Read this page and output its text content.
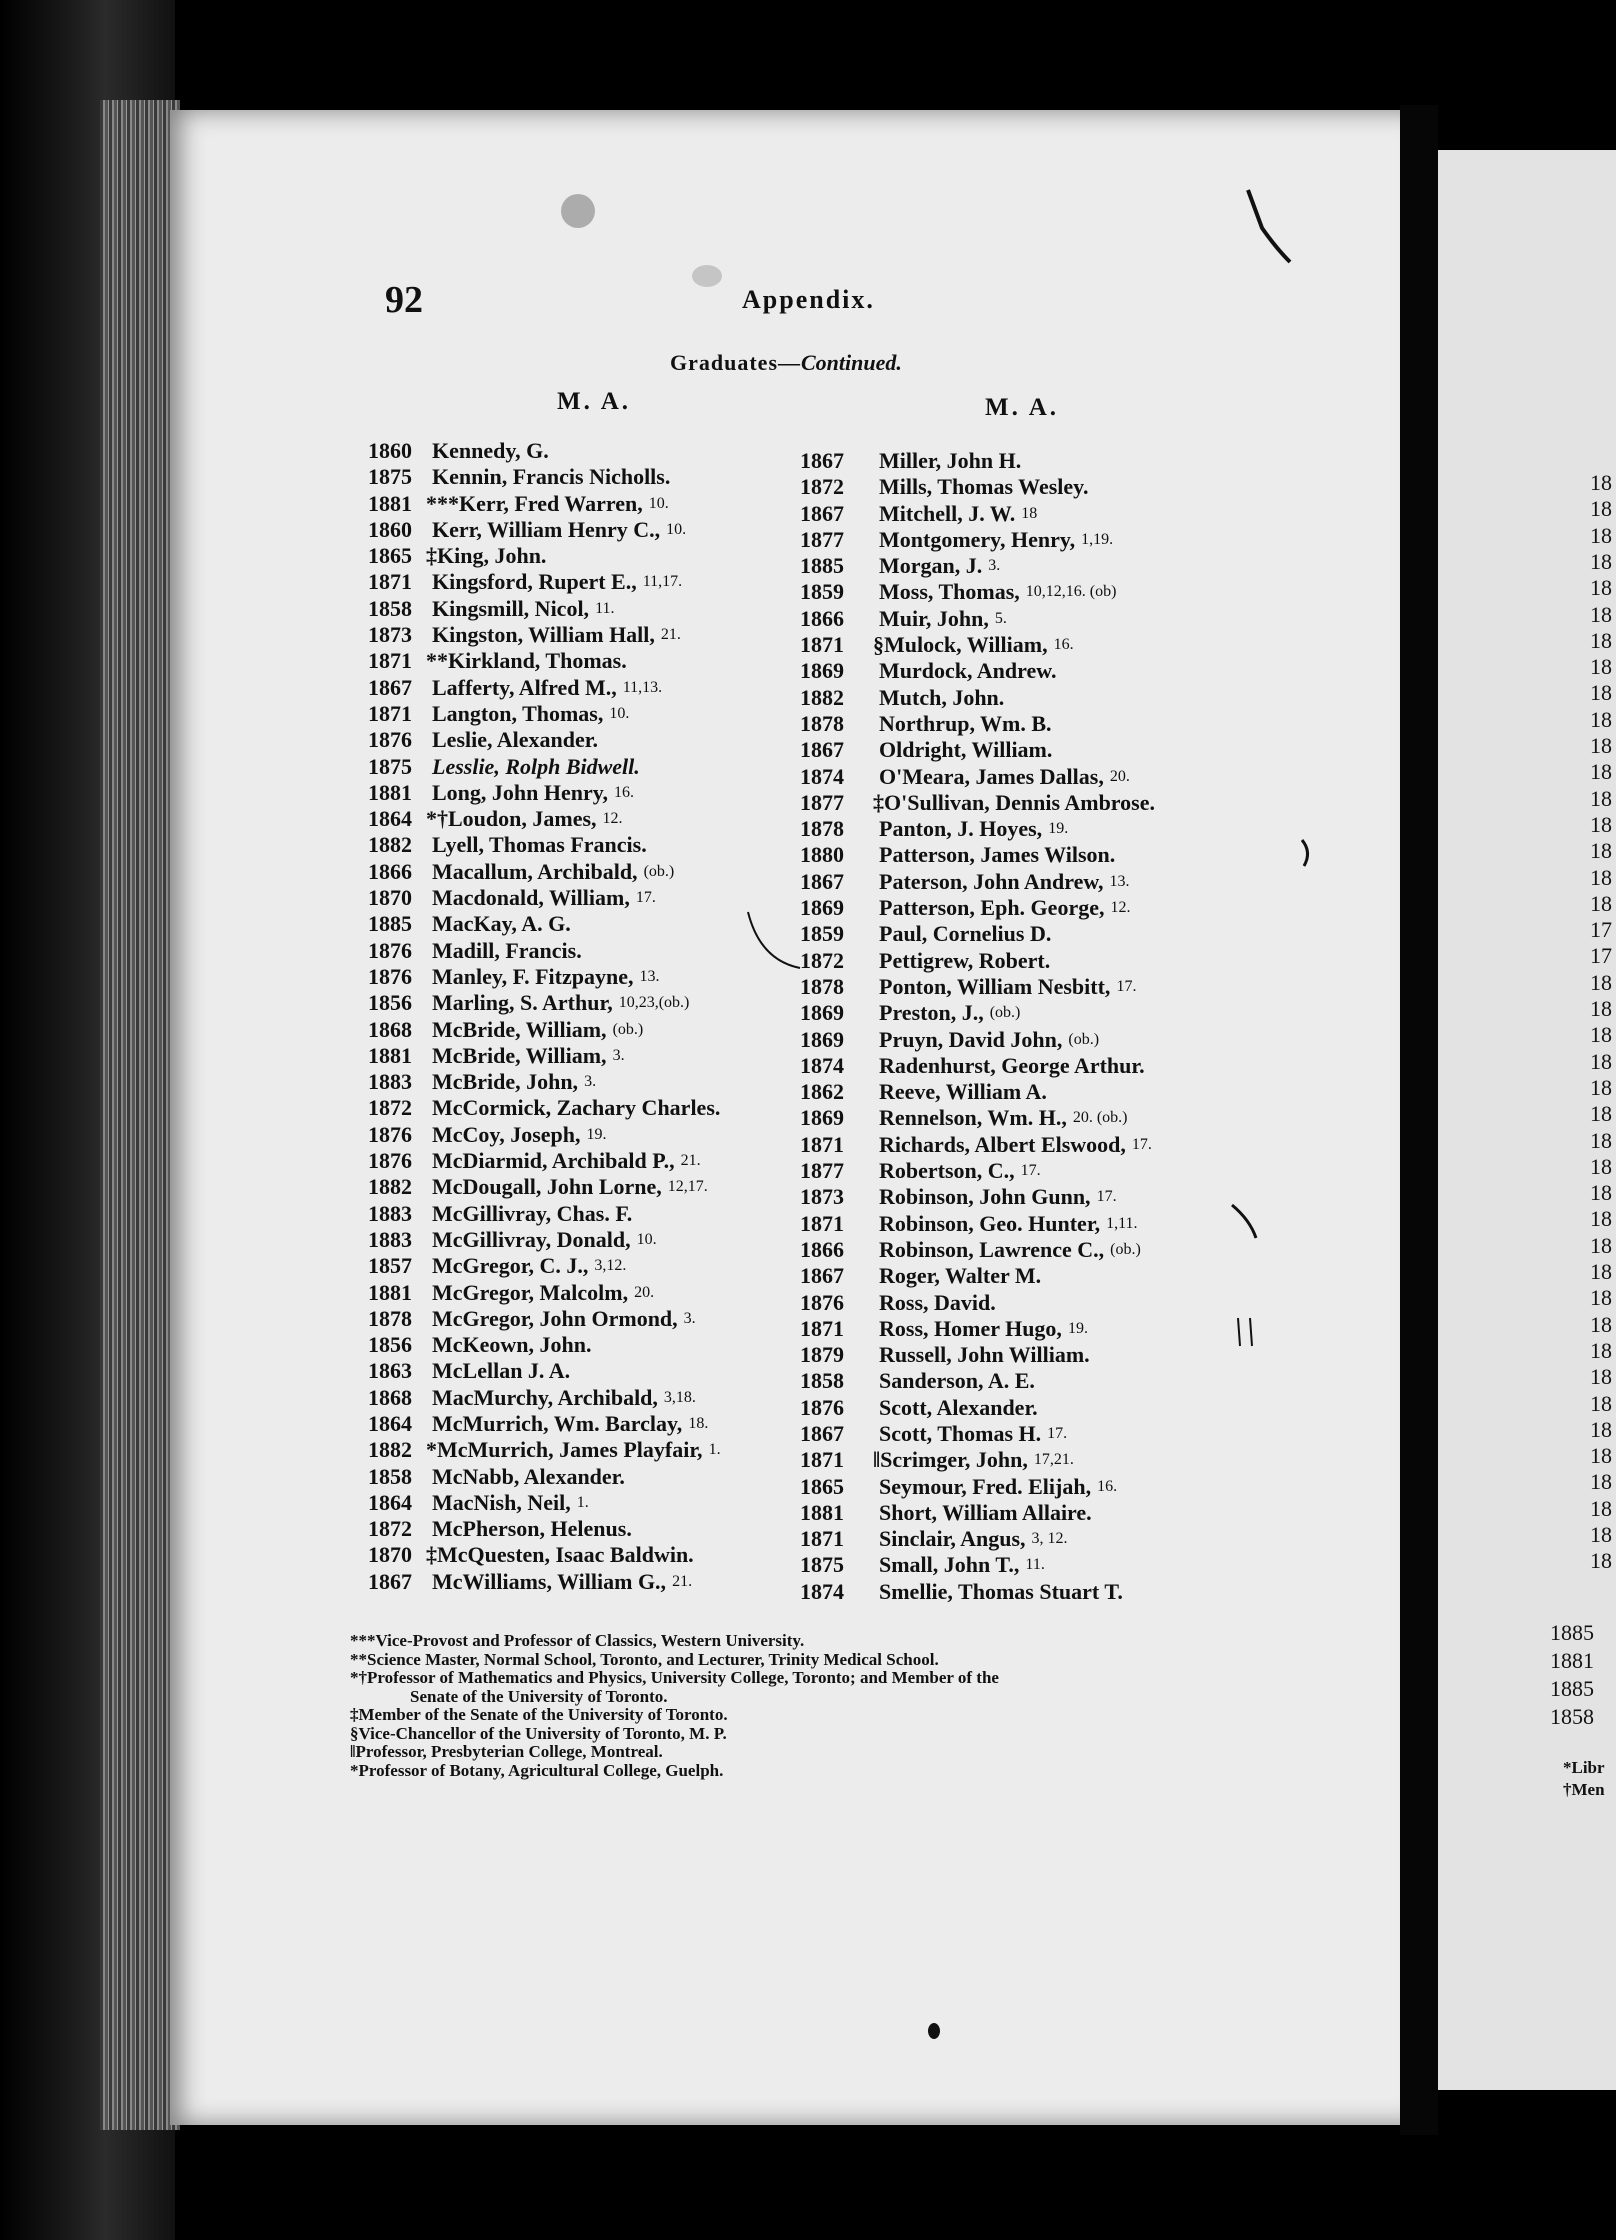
18
18
18
18
18
18
18
18
18
18
18
18
18
18
18
18
18
17
17
18
18
18
18
18
18
18
18
18
18
18
18
18
18
18
18
18
18
18
18
18
18
18
1885
1881
1885
1858
*Libr
†Men
92	Appendix.
Graduates—Continued.
M. A.	M. A.
1860 Kennedy, G.
1875 Kennin, Francis Nicholls.
1881 *** Kerr, Fred Warren, 10.
1860 Kerr, William Henry C., 10.
1865 ‡ King, John.
1871 Kingsford, Rupert E., 11,17.
1858 Kingsmill, Nicol, 11.
1873 Kingston, William Hall, 21.
1871 ** Kirkland, Thomas.
1867 Lafferty, Alfred M., 11,13.
1871 Langton, Thomas, 10.
1876 Leslie, Alexander.
1875 Lesslie, Rolph Bidwell.
1881 Long, John Henry, 16.
1864 *† Loudon, James, 12.
1882 Lyell, Thomas Francis.
1866 Macallum, Archibald, (ob.)
1870 Macdonald, William, 17.
1885 MacKay, A. G.
1876 Madill, Francis.
1876 Manley, F. Fitzpayne, 13.
1856 Marling, S. Arthur, 10,23,(ob.)
1868 McBride, William, (ob.)
1881 McBride, William, 3.
1883 McBride, John, 3.
1872 McCormick, Zachary Charles.
1876 McCoy, Joseph, 19.
1876 McDiarmid, Archibald P., 21.
1882 McDougall, John Lorne, 12,17.
1883 McGillivray, Chas. F.
1883 McGillivray, Donald, 10.
1857 McGregor, C. J., 3,12.
1881 McGregor, Malcolm, 20.
1878 McGregor, John Ormond, 3.
1856 McKeown, John.
1863 McLellan J. A.
1868 MacMurchy, Archibald, 3,18.
1864 McMurrich, Wm. Barclay, 18.
1882 * McMurrich, James Playfair, 1.
1858 McNabb, Alexander.
1864 MacNish, Neil, 1.
1872 McPherson, Helenus.
1870 ‡ McQuesten, Isaac Baldwin.
1867 McWilliams, William G., 21.
1867	Miller, John H.
1872	Mills, Thomas Wesley.
1867	Mitchell, J. W. 18
1877	Montgomery, Henry, 1,19.
1885	Morgan, J. 3.
1859	Moss, Thomas, 10,12,16. (ob)
1866	Muir, John, 5.
1871	§ Mulock, William, 16.
1869	Murdock, Andrew.
1882	Mutch, John.
1878	Northrup, Wm. B.
1867	Oldright, William.
1874	O'Meara, James Dallas, 20.
1877	‡ O'Sullivan, Dennis Ambrose.
1878	Panton, J. Hoyes, 19.
1880	Patterson, James Wilson.
1867	Paterson, John Andrew, 13.
1869	Patterson, Eph. George, 12.
1859	Paul, Cornelius D.
1872	Pettigrew, Robert.
1878	Ponton, William Nesbitt, 17.
1869	Preston, J., (ob.)
1869	Pruyn, David John, (ob.)
1874	Radenhurst, George Arthur.
1862	Reeve, William A.
1869	Rennelson, Wm. H., 20. (ob.)
1871	Richards, Albert Elswood, 17.
1877	Robertson, C., 17.
1873	Robinson, John Gunn, 17.
1871	Robinson, Geo. Hunter, 1,11.
1866	Robinson, Lawrence C., (ob.)
1867	Roger, Walter M.
1876	Ross, David.
1871	Ross, Homer Hugo, 19.
1879	Russell, John William.
1858	Sanderson, A. E.
1876	Scott, Alexander.
1867	Scott, Thomas H. 17.
1871	‖ Scrimger, John, 17,21.
1865	Seymour, Fred. Elijah, 16.
1881	Short, William Allaire.
1871	Sinclair, Angus, 3, 12.
1875	Small, John T., 11.
1874	Smellie, Thomas Stuart T.
***Vice-Provost and Professor of Classics, Western University.
**Science Master, Normal School, Toronto, and Lecturer, Trinity Medical School.
*†Professor of Mathematics and Physics, University College, Toronto; and Member of the
Senate of the University of Toronto.
‡Member of the Senate of the University of Toronto.
§Vice-Chancellor of the University of Toronto, M. P.
‖Professor, Presbyterian College, Montreal.
*Professor of Botany, Agricultural College, Guelph.
